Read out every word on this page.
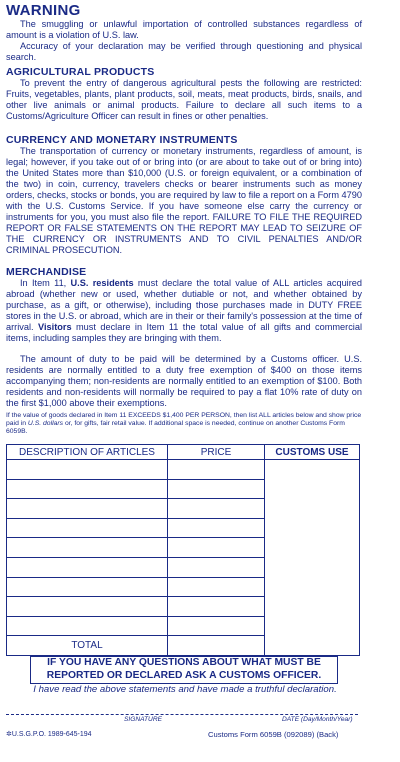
WARNING
The smuggling or unlawful importation of controlled substances regardless of amount is a violation of U.S. law.
Accuracy of your declaration may be verified through questioning and physical search.
AGRICULTURAL PRODUCTS
To prevent the entry of dangerous agricultural pests the following are restricted: Fruits, vegetables, plants, plant products, soil, meats, meat products, birds, snails, and other live animals or animal products. Failure to declare all such items to a Customs/Agriculture Officer can result in fines or other penalties.
CURRENCY AND MONETARY INSTRUMENTS
The transportation of currency or monetary instruments, regardless of amount, is legal; however, if you take out of or bring into (or are about to take out of or bring into) the United States more than $10,000 (U.S. or foreign equivalent, or a combination of the two) in coin, currency, travelers checks or bearer instruments such as money orders, checks, stocks or bonds, you are required by law to file a report on a Form 4790 with the U.S. Customs Service. If you have someone else carry the currency or instruments for you, you must also file the report. FAILURE TO FILE THE REQUIRED REPORT OR FALSE STATEMENTS ON THE REPORT MAY LEAD TO SEIZURE OF THE CURRENCY OR INSTRUMENTS AND TO CIVIL PENALTIES AND/OR CRIMINAL PROSECUTION.
MERCHANDISE
In Item 11, U.S. residents must declare the total value of ALL articles acquired abroad (whether new or used, whether dutiable or not, and whether obtained by purchase, as a gift, or otherwise), including those purchases made in DUTY FREE stores in the U.S. or abroad, which are in their or their family's possession at the time of arrival. Visitors must declare in Item 11 the total value of all gifts and commercial items, including samples they are bringing with them.
The amount of duty to be paid will be determined by a Customs officer. U.S. residents are normally entitled to a duty free exemption of $400 on those items accompanying them; non-residents are normally entitled to an exemption of $100. Both residents and non-residents will normally be required to pay a flat 10% rate of duty on the first $1,000 above their exemptions.
If the value of goods declared in Item 11 EXCEEDS $1,400 PER PERSON, then list ALL articles below and show price paid in U.S. dollars or, for gifts, fair retail value. If additional space is needed, continue on another Customs Form 6059B.
DESCRIPTION OF ARTICLES	PRICE	CUSTOMS USE

TOTAL		
IF YOU HAVE ANY QUESTIONS ABOUT WHAT MUST BE
REPORTED OR DECLARED ASK A CUSTOMS OFFICER.
I have read the above statements and have made a truthful declaration.
SIGNATURE	DATE (Day/Month/Year)
✲U.S.G.P.O. 1989-645-194	Customs Form 6059B (092089) (Back)
